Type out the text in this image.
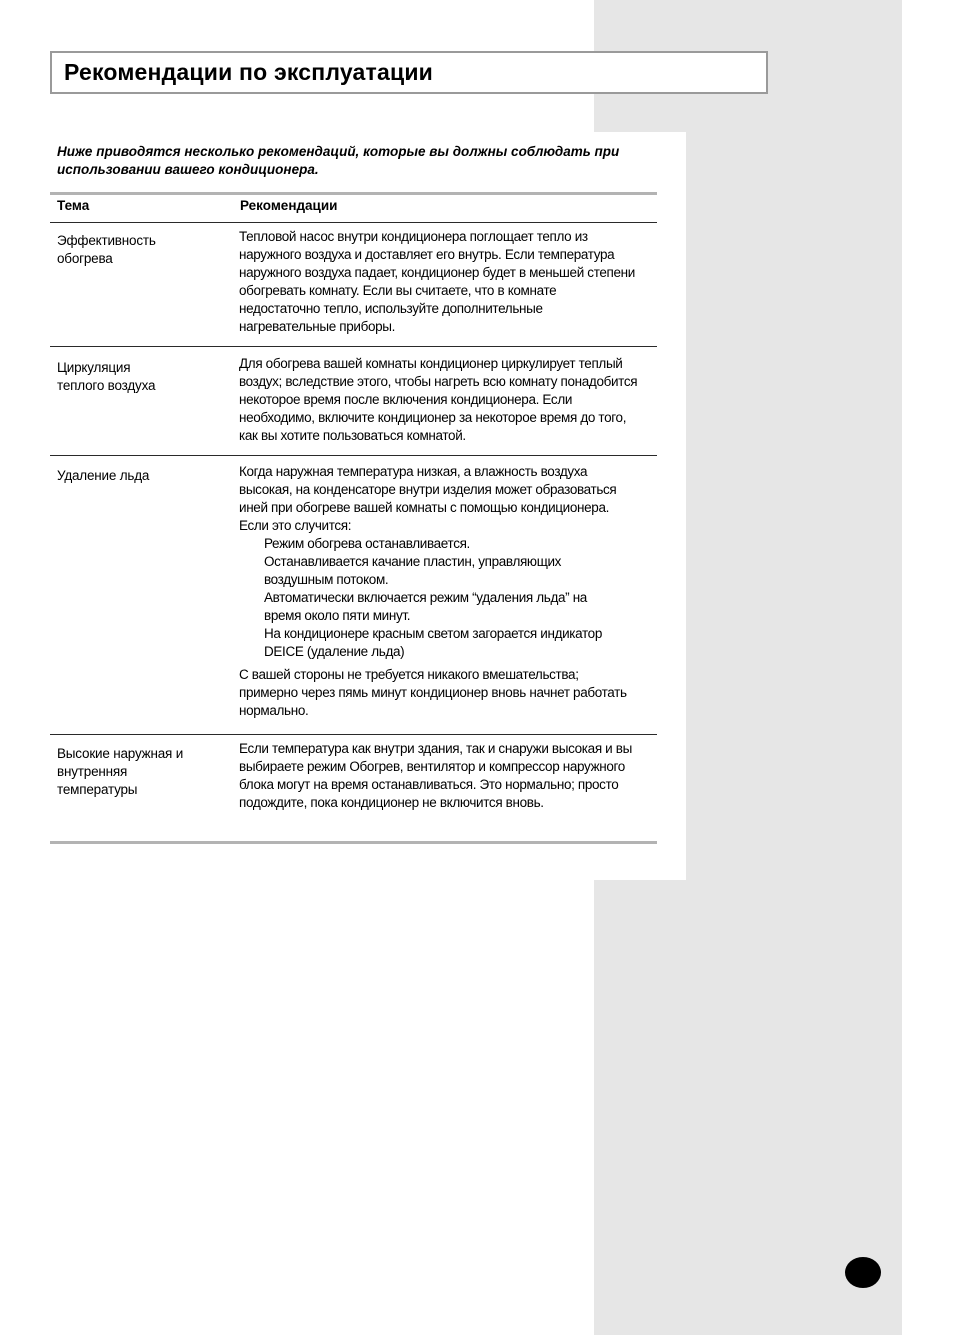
Рекомендации по эксплуатации
Ниже приводятся несколько рекомендаций, которые вы должны соблюдать при использовании вашего кондиционера.
Тема	Рекомендации
Эффективность обогрева

Тепловой насос внутри кондиционера поглощает тепло из наружного воздуха и доставляет его внутрь. Если температура наружного воздуха падает, кондиционер будет в меньшей степени обогревать комнату. Если вы считаете, что в комнате недостаточно тепло, используйте дополнительные нагревательные приборы.

Циркуляция теплого воздуха

Для обогрева вашей комнаты кондиционер циркулирует теплый воздух; вследствие этого, чтобы нагреть всю комнату понадобится некоторое время после включения кондиционера. Если необходимо, включите кондиционер за некоторое время до того, как вы хотите пользоваться комнатой.

Удаление льда	Когда наружная температура низкая, а влажность воздуха высокая, на конденсаторе внутри изделия может образоваться иней при обогреве вашей комнаты с помощью кондиционера.

Если это случится:

Режим обогрева останавливается.

Останавливается качание пластин, управляющих воздушным потоком.

Автоматически включается режим “удаления льда” на время около пяти минут.

На кондиционере красным светом загорается индикатор DEICE (удаление льда)

С вашей стороны не требуется никакого вмешательства; примерно через пямь минут кондиционер вновь начнет работать нормально.

Высокие наружная и внутренняя температуры

Если температура как внутри здания, так и снаружи высокая и вы выбираете режим Обогрев, вентилятор и компрессор наружного блока могут на время останавливаться. Это нормально; просто подождите, пока кондиционер не включится вновь.
